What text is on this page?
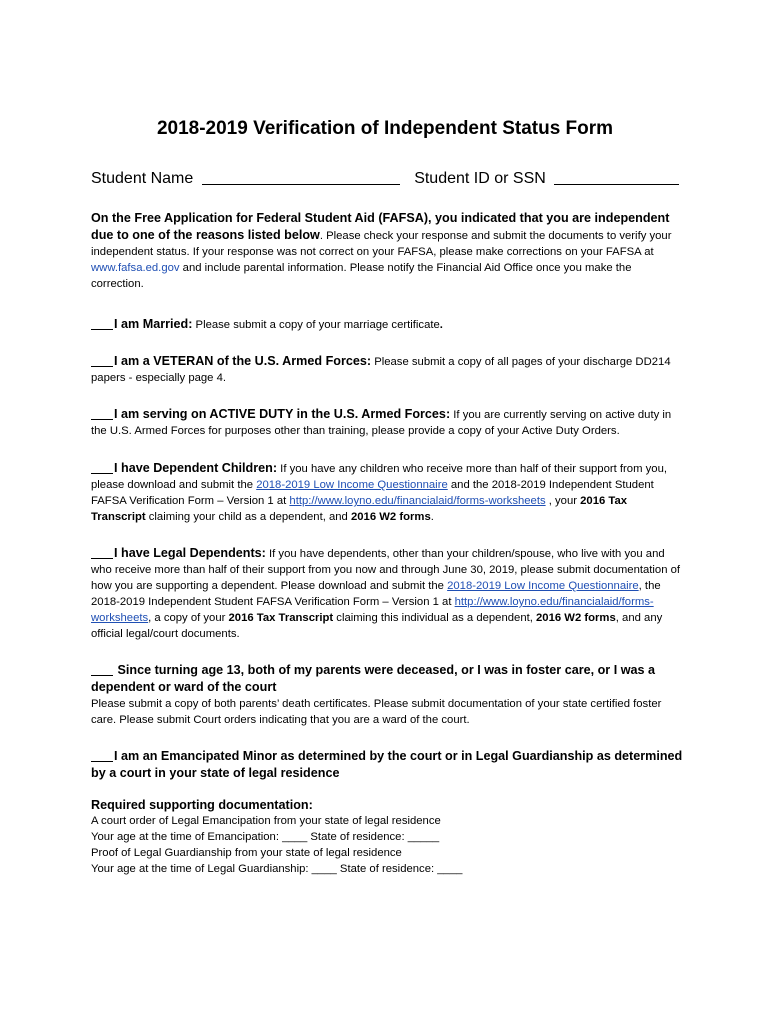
2018-2019 Verification of Independent Status Form
Student Name	Student ID or SSN
On the Free Application for Federal Student Aid (FAFSA), you indicated that you are independent due to one of the reasons listed below. Please check your response and submit the documents to verify your independent status. If your response was not correct on your FAFSA, please make corrections on your FAFSA at www.fafsa.ed.gov and include parental information. Please notify the Financial Aid Office once you make the correction.
I am Married: Please submit a copy of your marriage certificate.
I am a VETERAN of the U.S. Armed Forces: Please submit a copy of all pages of your discharge DD214 papers - especially page 4.
I am serving on ACTIVE DUTY in the U.S. Armed Forces: If you are currently serving on active duty in the U.S. Armed Forces for purposes other than training, please provide a copy of your Active Duty Orders.
I have Dependent Children: If you have any children who receive more than half of their support from you, please download and submit the 2018-2019 Low Income Questionnaire and the 2018-2019 Independent Student FAFSA Verification Form – Version 1 at http://www.loyno.edu/financialaid/forms-worksheets , your 2016 Tax Transcript claiming your child as a dependent, and 2016 W2 forms.
I have Legal Dependents: If you have dependents, other than your children/spouse, who live with you and who receive more than half of their support from you now and through June 30, 2019, please submit documentation of how you are supporting a dependent. Please download and submit the 2018-2019 Low Income Questionnaire, the 2018-2019 Independent Student FAFSA Verification Form – Version 1 at http://www.loyno.edu/financialaid/forms-worksheets, a copy of your 2016 Tax Transcript claiming this individual as a dependent, 2016 W2 forms, and any official legal/court documents.
Since turning age 13, both of my parents were deceased, or I was in foster care, or I was a dependent or ward of the court
Please submit a copy of both parents’ death certificates. Please submit documentation of your state certified foster care. Please submit Court orders indicating that you are a ward of the court.
I am an Emancipated Minor as determined by the court or in Legal Guardianship as determined by a court in your state of legal residence
Required supporting documentation:
A court order of Legal Emancipation from your state of legal residence
Your age at the time of Emancipation: ____ State of residence: _____
Proof of Legal Guardianship from your state of legal residence
Your age at the time of Legal Guardianship: ____ State of residence: ____
